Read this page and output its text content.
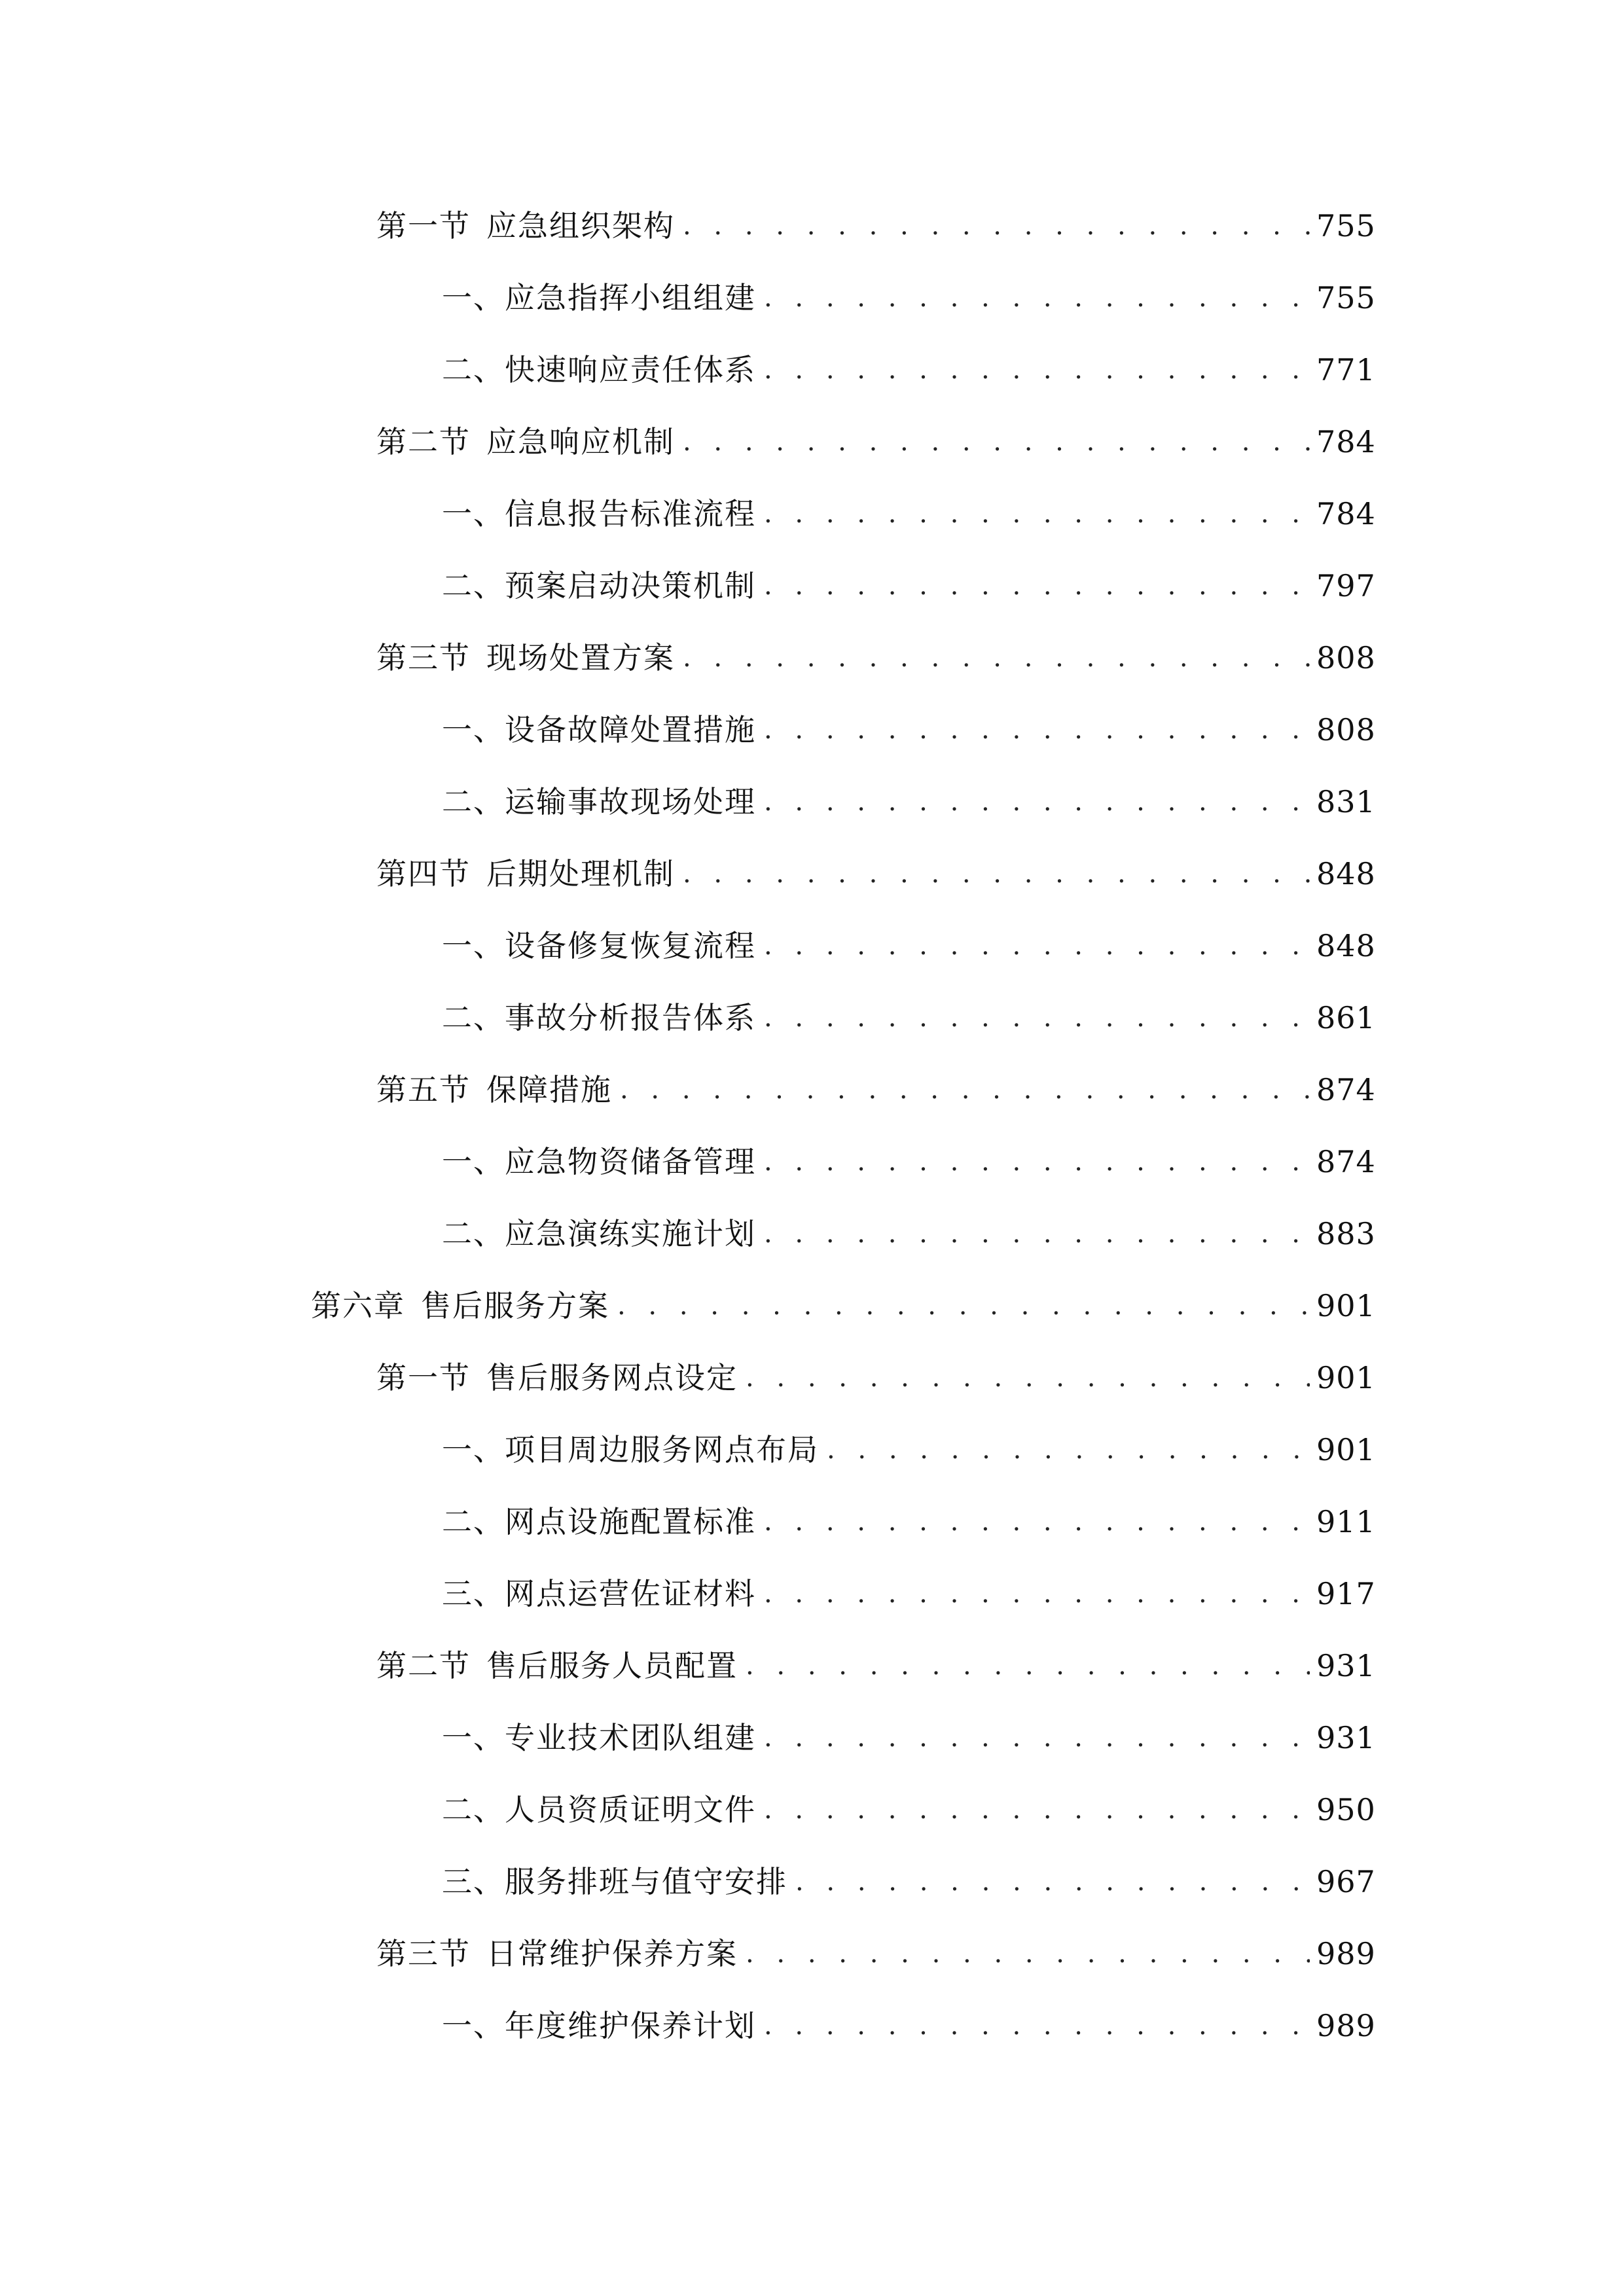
第一节 应急组织架构 . . .	755
一、 应急指挥小组组建 . . .	755
二、 快速响应责任体系 . . .	771
第二节 应急响应机制 . . .	784
一、 信息报告标准流程 . . .	784
二、 预案启动决策机制 . . .	797
第三节 现场处置方案 . . .	808
一、 设备故障处置措施 . . .	808
二、 运输事故现场处理 . . .	831
第四节 后期处理机制 . . .	848
一、 设备修复恢复流程 . . .	848
二、 事故分析报告体系 . . .	861
第五节 保障措施 . . .	874
一、 应急物资储备管理 . . .	874
二、 应急演练实施计划 . . .	883
第六章 售后服务方案 . . .	901
第一节 售后服务网点设定 . . .	901
一、 项目周边服务网点布局 . . .	901
二、 网点设施配置标准 . . .	911
三、 网点运营佐证材料 . . .	917
第二节 售后服务人员配置 . . .	931
一、 专业技术团队组建 . . .	931
二、 人员资质证明文件 . . .	950
三、 服务排班与值守安排 . . .	967
第三节 日常维护保养方案 . . .	989
一、 年度维护保养计划 . . .	989
